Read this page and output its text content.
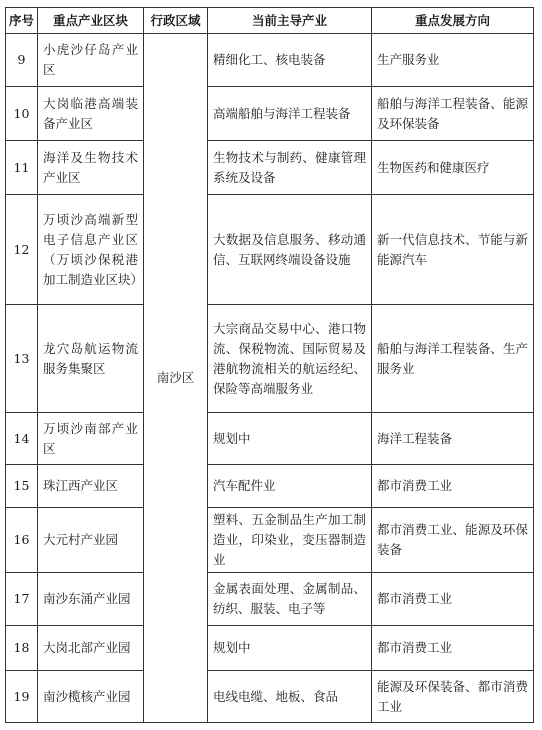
序号	重点产业区块	行政区域	当前主导产业	重点发展方向
9	小虎沙仔岛产业区	南沙区	精细化工、核电装备	生产服务业
10	大岗临港高端装备产业区		高端船舶与海洋工程装备	船舶与海洋工程装备、能源及环保装备
11	海洋及生物技术产业区		生物技术与制药、健康管理系统及设备	生物医药和健康医疗
12	万顷沙高端新型电子信息产业区（万顷沙保税港加工制造业区块）		大数据及信息服务、移动通信、互联网终端设备设施	新一代信息技术、节能与新能源汽车
13	龙穴岛航运物流服务集聚区		大宗商品交易中心、港口物流、保税物流、国际贸易及港航物流相关的航运经纪、保险等高端服务业	船舶与海洋工程装备、生产服务业
14	万顷沙南部产业区		规划中	海洋工程装备
15	珠江西产业区		汽车配件业	都市消费工业
16	大元村产业园		塑料、五金制品生产加工制造业，印染业，变压器制造业	都市消费工业、能源及环保装备
17	南沙东涌产业园		金属表面处理、金属制品、纺织、服装、电子等	都市消费工业
18	大岗北部产业园		规划中	都市消费工业
19	南沙榄核产业园		电线电缆、地板、食品	能源及环保装备、都市消费工业
